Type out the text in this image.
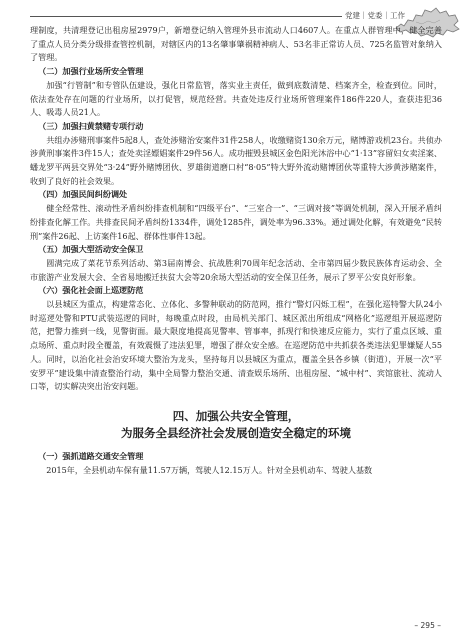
党建｜党委｜工作

理制度，共清理登记出租房屋2979户，新增登记纳入管理外县市流动人口4607人。在重点人群管理中，健全完善了重点人员分类分级排查管控机制，对辖区内的13名肇事肇祸精神病人、53名非正常访人员、725名监管对象纳入了管理。

（二）加强行业场所安全管理

加强“行管制”和专管队伍建设，强化日常监管，落实业主责任，做到底数清楚、档案齐全，检查到位。同时，依法查处存在问题的行业场所，以打促管，规范经营。共查处违反行业场所管理案件186件220人，查获违犯36人、吸毒人员21人。

（三）加强扫黄禁赌专项行动

共组办涉赌刑事案件5起8人，查处涉赌治安案件31件258人，收缴赌资130余万元，赌博游戏机23台。共侦办涉黄刑事案件3件15人；查处卖淫嫖娼案件29件56人。成功摧毁县城区金色阳光沐浴中心“1·13”容留妇女卖淫案、蟠龙罗平两县交界处“3·24”野外赌博团伙、罗雄街道磨口村“8·05”特大野外流动赌博团伙等重特大涉黄涉赌案件，收到了良好的社会效果。

（四）加强民间纠纷调处

健全经常性、滚动性矛盾纠纷排查机制和“四级平台”、“三室合一”、“三调对接”等调处机制，深入开展矛盾纠纷排查化解工作。共排查民间矛盾纠纷1334件，调处1285件，调处率为96.33%。通过调处化解，有效避免“民转刑”案件26起、上访案件16起、群体性事件13起。

（五）加强大型活动安全保卫

圆满完成了菜花节系列活动、第3届南博会、抗战胜利70周年纪念活动、全市第四届少数民族体育运动会、全市旅游产业发展大会、全省易地搬迁扶贫大会等20余场大型活动的安全保卫任务，展示了罗平公安良好形象。

（六）强化社会面上巡逻防范

以县城区为重点，构建常态化、立体化、多警种联动的防范网，推行“警灯闪烁工程”，在强化巡特警大队24小时巡逻处警和PTU武装巡逻的同时，每晚重点时段，由局机关部门、城区派出所组成“网格化”巡逻组开展巡逻防范，把警力推到一线，见警街面。最大限度地提高见警率、管事率，抓现行和快速反应能力，实行了重点区域、重点场所、重点时段全覆盖，有效震慑了违法犯罪，增强了群众安全感。在巡逻防范中共抓获各类违法犯罪嫌疑人55人。同时，以治化社会治安环境大整治为龙头，坚持每月以县城区为重点，覆盖全县各乡镇（街道），开展一次“平安罗平”建设集中清查整治行动，集中全局警力整治交通、清查娱乐场所、出租房屋、“城中村”、宾馆旅社、流动人口等，切实解决突出治安问题。

四、加强公共安全管理，
为服务全县经济社会发展创造安全稳定的环境
（一）强抓道路交通安全管理

2015年，全县机动车保有量11.57万辆，驾驶人12.15万人。针对全县机动车、驾驶人基数

– 295 –
